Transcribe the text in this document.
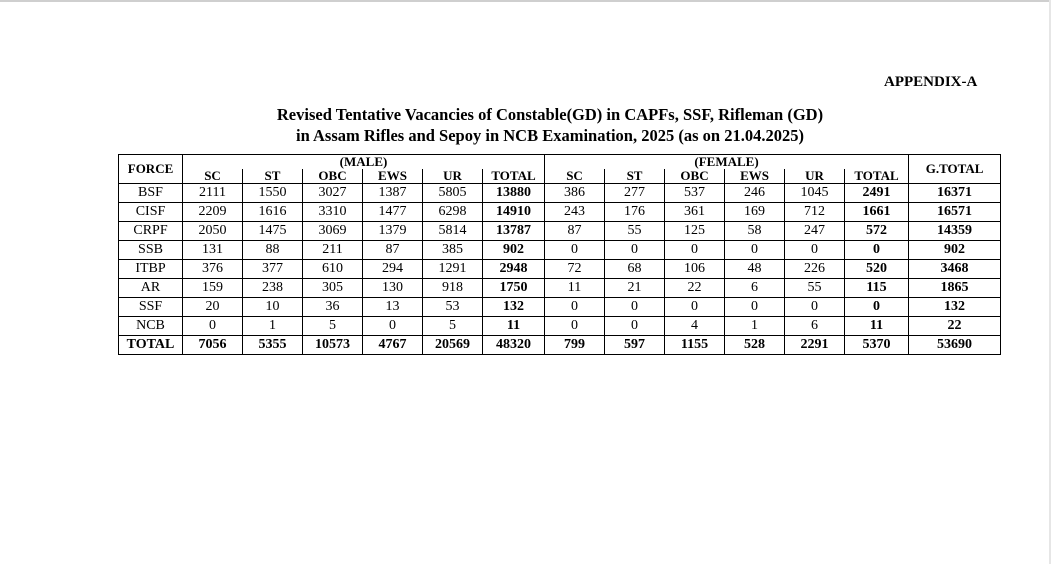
APPENDIX-A
Revised Tentative Vacancies of Constable(GD) in CAPFs, SSF, Rifleman (GD)
in Assam Rifles and Sepoy in NCB Examination, 2025 (as on 21.04.2025)
FORCE	(MALE)						(FEMALE)						G.TOTAL
	SC	ST	OBC	EWS	UR	TOTAL	SC	ST	OBC	EWS	UR	TOTAL	
BSF	2111	1550	3027	1387	5805	13880	386	277	537	246	1045	2491	16371
CISF	2209	1616	3310	1477	6298	14910	243	176	361	169	712	1661	16571
CRPF	2050	1475	3069	1379	5814	13787	87	55	125	58	247	572	14359
SSB	131	88	211	87	385	902	0	0	0	0	0	0	902
ITBP	376	377	610	294	1291	2948	72	68	106	48	226	520	3468
AR	159	238	305	130	918	1750	11	21	22	6	55	115	1865
SSF	20	10	36	13	53	132	0	0	0	0	0	0	132
NCB	0	1	5	0	5	11	0	0	4	1	6	11	22
TOTAL	7056	5355	10573	4767	20569	48320	799	597	1155	528	2291	5370	53690
